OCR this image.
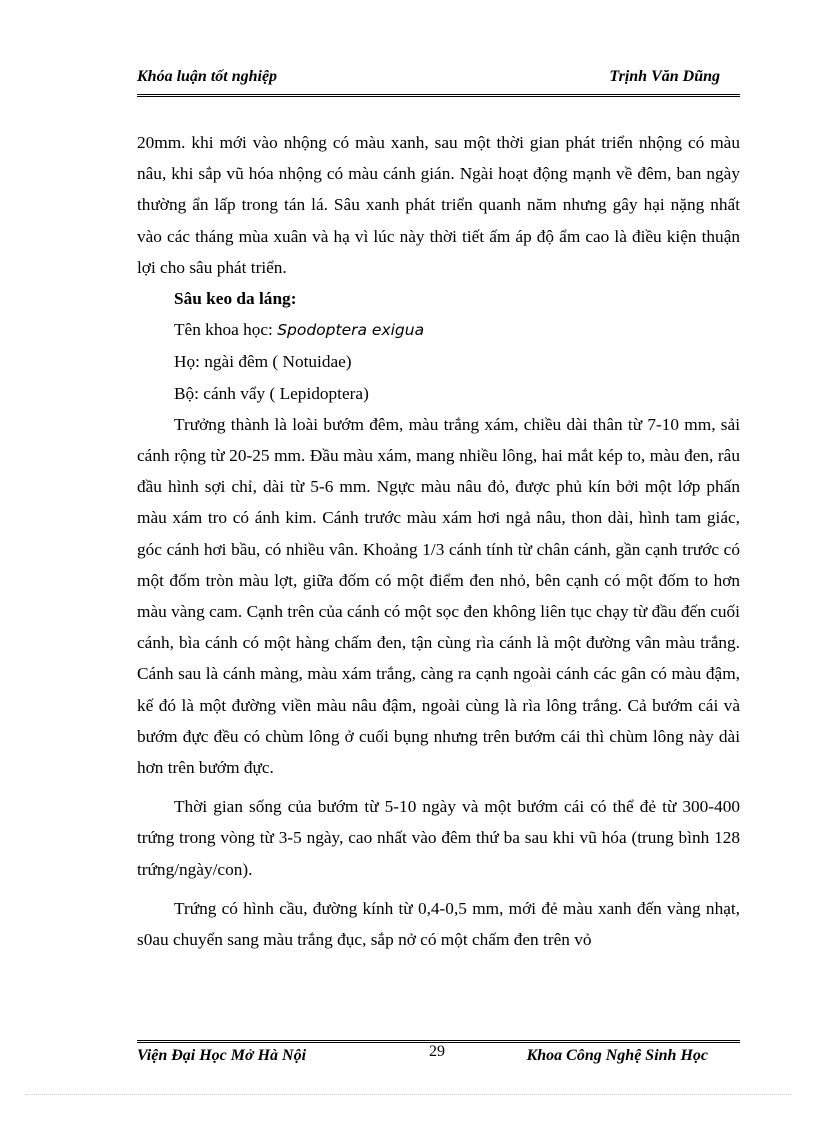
Khóa luận tốt nghiệp	Trịnh Văn Dũng

20mm. khi mới vào nhộng có màu xanh, sau một thời gian phát triển nhộng có màu nâu, khi sắp vũ hóa nhộng có màu cánh gián. Ngài hoạt động mạnh về đêm, ban ngày thường ẩn lấp trong tán lá. Sâu xanh phát triển quanh năm nhưng gây hại nặng nhất vào các tháng mùa xuân và hạ vì lúc này thời tiết ấm áp độ ẩm cao là điều kiện thuận lợi cho sâu phát triển.

Sâu keo da láng:

Tên khoa học: Spodoptera exigua

Họ: ngài đêm ( Notuidae)

Bộ: cánh vẩy ( Lepidoptera)

Trưởng thành là loài bướm đêm, màu trắng xám, chiều dài thân từ 7-10 mm, sải cánh rộng từ 20-25 mm. Đầu màu xám, mang nhiều lông, hai mắt kép to, màu đen, râu đầu hình sợi chỉ, dài từ 5-6 mm. Ngực màu nâu đỏ, được phủ kín bởi một lớp phấn màu xám tro có ánh kim. Cánh trước màu xám hơi ngả nâu, thon dài, hình tam giác, góc cánh hơi bầu, có nhiều vân. Khoảng 1/3 cánh tính từ chân cánh, gần cạnh trước có một đốm tròn màu lợt, giữa đốm có một điểm đen nhỏ, bên cạnh có một đốm to hơn màu vàng cam. Cạnh trên của cánh có một sọc đen không liên tục chạy từ đầu đến cuối cánh, bìa cánh có một hàng chấm đen, tận cùng rìa cánh là một đường vân màu trắng. Cánh sau là cánh màng, màu xám trắng, càng ra cạnh ngoài cánh các gân có màu đậm, kế đó là một đường viền màu nâu đậm, ngoài cùng là rìa lông trắng. Cả bướm cái và bướm đực đều có chùm lông ở cuối bụng nhưng trên bướm cái thì chùm lông này dài hơn trên bướm đực.

Thời gian sống của bướm từ 5-10 ngày và một bướm cái có thể đẻ từ 300-400 trứng trong vòng từ 3-5 ngày, cao nhất vào đêm thứ ba sau khi vũ hóa (trung bình 128 trứng/ngày/con).

Trứng có hình cầu, đường kính từ 0,4-0,5 mm, mới đẻ màu xanh đến vàng nhạt, s0au chuyển sang màu trắng đục, sắp nở có một chấm đen trên vỏ

Viện Đại Học Mở Hà Nội	29	Khoa Công Nghệ Sinh Học
